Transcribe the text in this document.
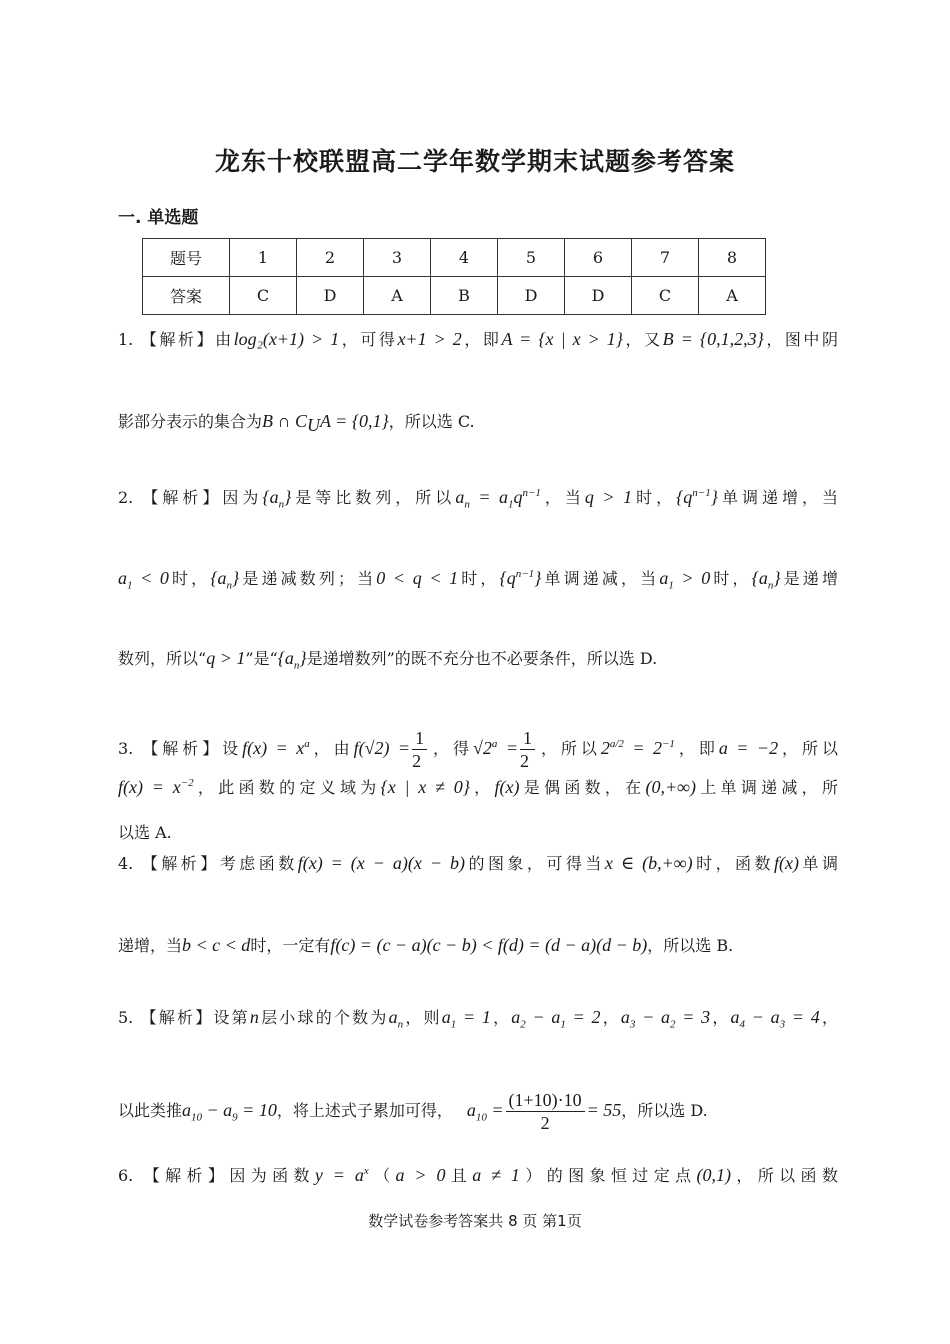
龙东十校联盟高二学年数学期末试题参考答案
一. 单选题
题号	1	2	3	4	5	6	7	8
答案	C	D	A	B	D	D	C	A
1. 【解析】由log₂(x+1) > 1，可得x+1 > 2，即A = {x | x > 1}，又B = {0,1,2,3}，图中阴
影部分表示的集合为B ∩ $C_UA = \{0,1\}$，所以选 C.
2. 【解析】因为$\{a_n\}$是等比数列，所以$a_n = a_1q^{n-1}$，当q > 1时，$\{q^{n-1}\}$单调递增，当
$a_1 < 0$时，$\{a_n\}$是递减数列；当0 < q < 1时，$\{q^{n-1}\}$单调递减，当$a_1 > 0$时，$\{a_n\}$是递增
数列，所以“q > 1”是“$\{a_n\}$是递增数列”的既不充分也不必要条件，所以选 D.
3. 【解析】设$f(x) = x^a$，由$f(√2) = \frac{1}{2}$ ，得$√2^a = \frac{1}{2}$ ，所以$2^{a/2} = 2^{-1}$，即a = −2，所以
$f(x) = x^{-2}$，此函数的定义域为{x | x ≠ 0}，f(x)是偶函数，在(0,+∞)上单调递减，所
以选 A.
4. 【解析】考虑函数f(x) = (x − a)(x − b)的图象，可得当x ∈ (b,+∞)时，函数f(x)单调
递增，当b < c < d时，一定有f(c) = (c − a)(c − b) < f(d) = (d − a)(d − b)，所以选 B.
5. 【解析】设第n层小球的个数为$a_n$，则$a_1 = 1$，$a_2 - a_1 = 2$，$a_3 - a_2 = 3$，$a_4 - a_3 = 4$，
以此类推$a_{10} - a_9 = 10$，将上述式子累加可得， $a_{10} = \frac{(1+10)\cdot 10}{2} = 55$，所以选 D.
6. 【解析】因为函数$y = a^x(a > 0$且a ≠ 1）的图象恒过定点(0,1)，所以函数
数学试卷参考答案共 8 页 第1页
